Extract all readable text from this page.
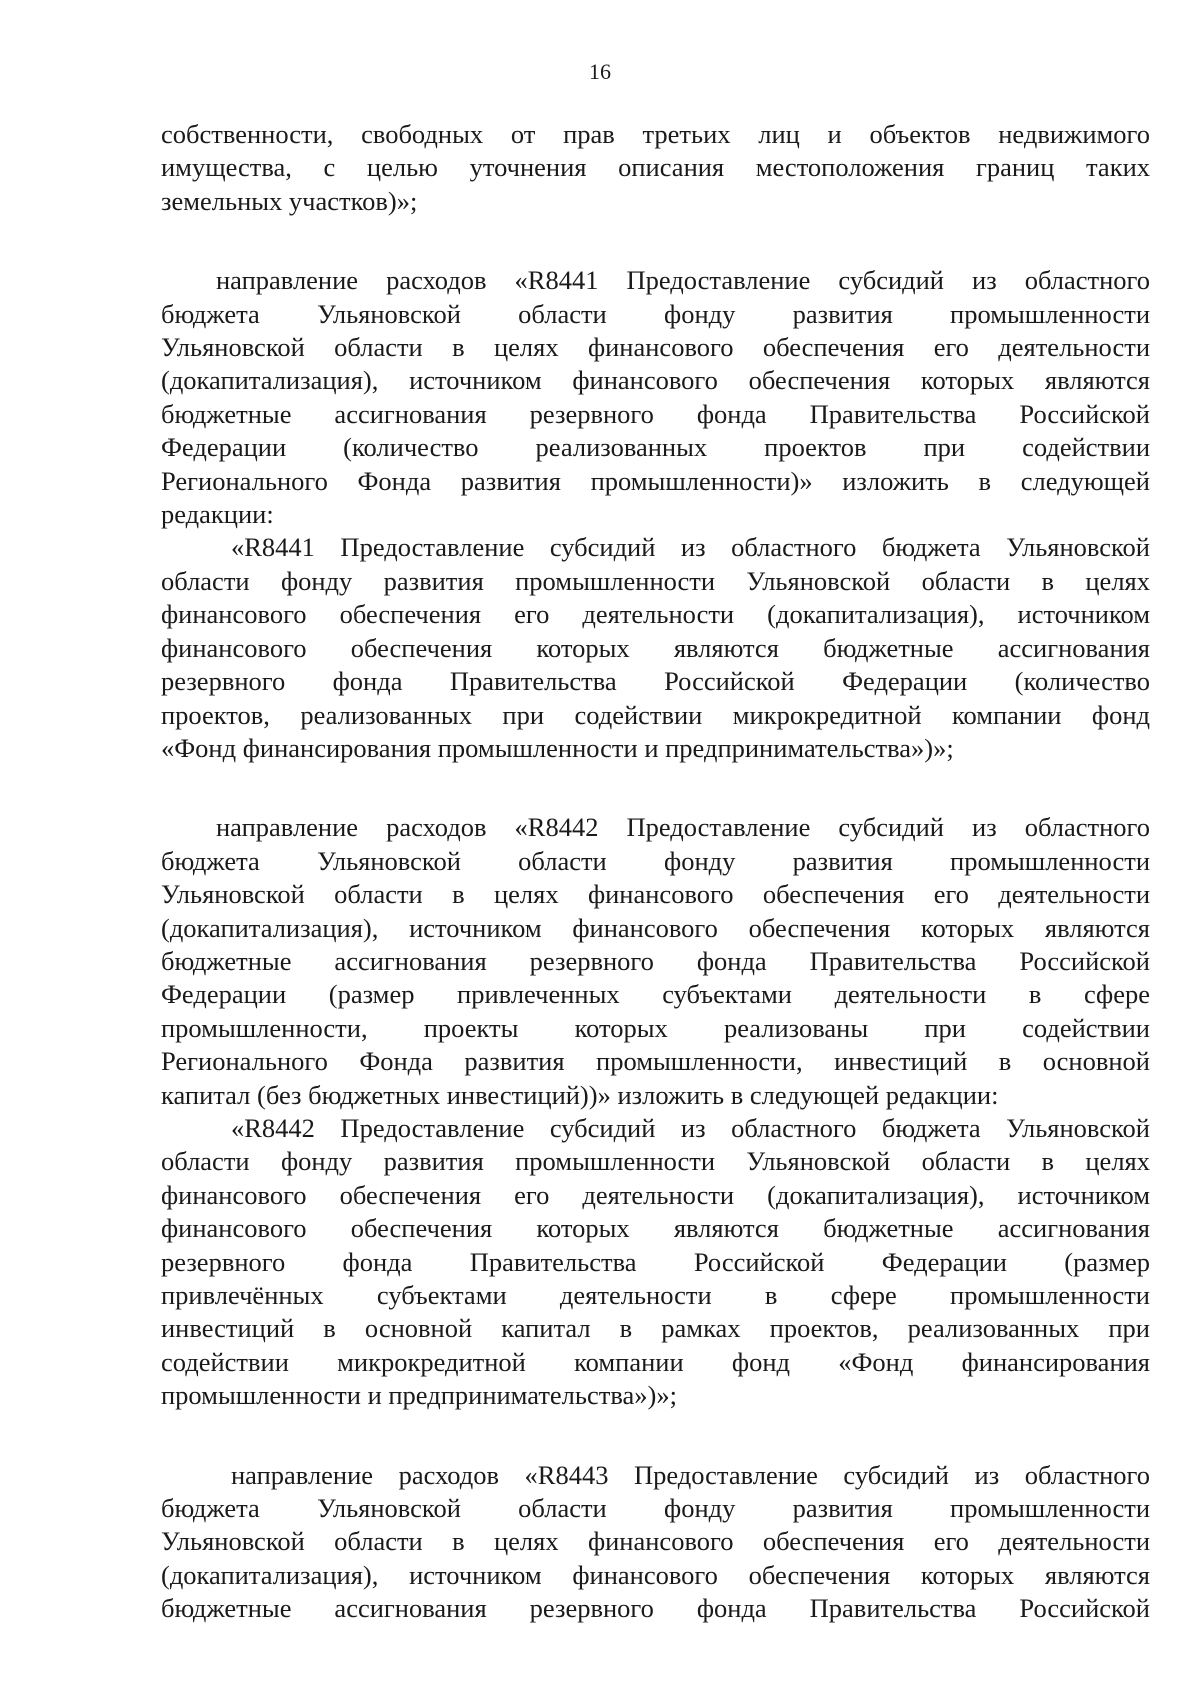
16
собственности, свободных от прав третьих лиц и объектов недвижимого
имущества, с целью уточнения описания местоположения границ таких
земельных участков)»;
направление расходов «R8441 Предоставление субсидий из областного
бюджета Ульяновской области фонду развития промышленности
Ульяновской области в целях финансового обеспечения его деятельности
(докапитализация), источником финансового обеспечения которых являются
бюджетные ассигнования резервного фонда Правительства Российской
Федерации (количество реализованных проектов при содействии
Регионального Фонда развития промышленности)» изложить в следующей
редакции:
«R8441 Предоставление субсидий из областного бюджета Ульяновской
области фонду развития промышленности Ульяновской области в целях
финансового обеспечения его деятельности (докапитализация), источником
финансового обеспечения которых являются бюджетные ассигнования
резервного фонда Правительства Российской Федерации (количество
проектов, реализованных при содействии микрокредитной компании фонд
«Фонд финансирования промышленности и предпринимательства»)»;
направление расходов «R8442 Предоставление субсидий из областного
бюджета Ульяновской области фонду развития промышленности
Ульяновской области в целях финансового обеспечения его деятельности
(докапитализация), источником финансового обеспечения которых являются
бюджетные ассигнования резервного фонда Правительства Российской
Федерации (размер привлеченных субъектами деятельности в сфере
промышленности, проекты которых реализованы при содействии
Регионального Фонда развития промышленности, инвестиций в основной
капитал (без бюджетных инвестиций))» изложить в следующей редакции:
«R8442 Предоставление субсидий из областного бюджета Ульяновской
области фонду развития промышленности Ульяновской области в целях
финансового обеспечения его деятельности (докапитализация), источником
финансового обеспечения которых являются бюджетные ассигнования
резервного фонда Правительства Российской Федерации (размер
привлечённых субъектами деятельности в сфере промышленности
инвестиций в основной капитал в рамках проектов, реализованных при
содействии микрокредитной компании фонд «Фонд финансирования
промышленности и предпринимательства»)»;
направление расходов «R8443 Предоставление субсидий из областного
бюджета Ульяновской области фонду развития промышленности
Ульяновской области в целях финансового обеспечения его деятельности
(докапитализация), источником финансового обеспечения которых являются
бюджетные ассигнования резервного фонда Правительства Российской
